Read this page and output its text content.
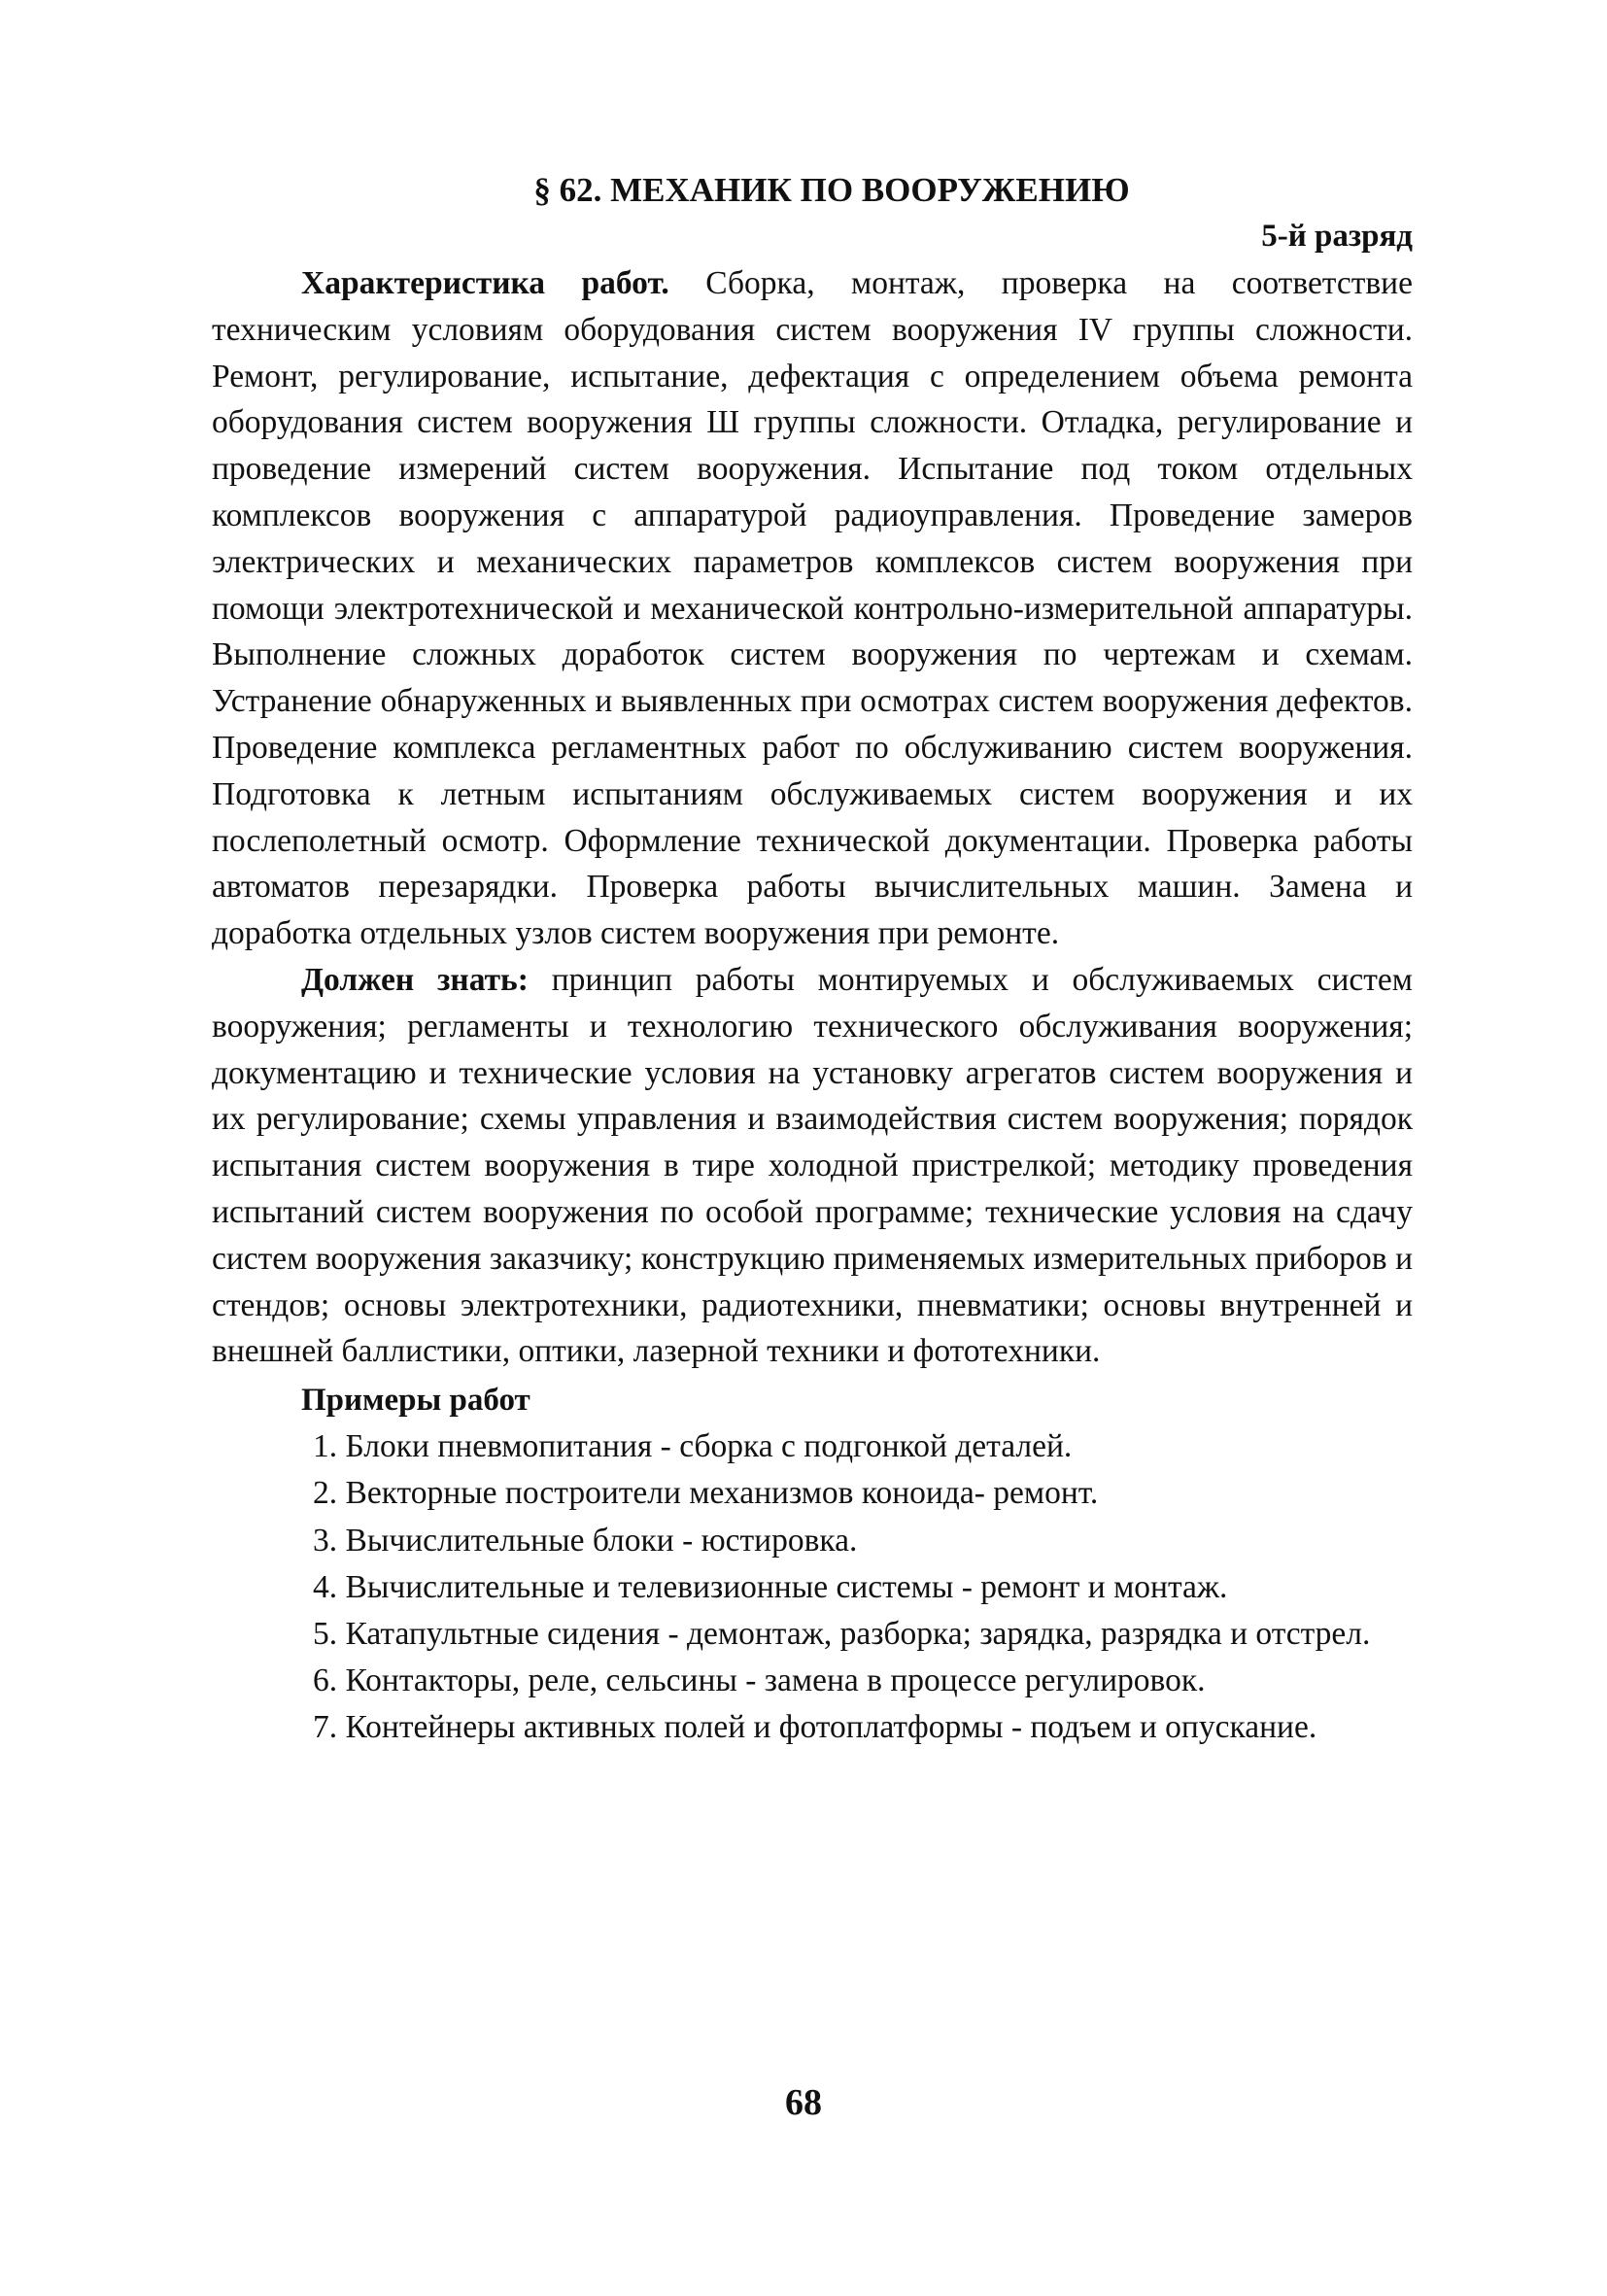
§ 62. МЕХАНИК ПО ВООРУЖЕНИЮ
5-й разряд

Характеристика работ. Сборка, монтаж, проверка на соответствие техническим условиям оборудования систем вооружения IV группы сложности. Ремонт, регулирование, испытание, дефектация с определением объема ремонта оборудования систем вооружения Ш группы сложности. Отладка, регулирование и проведение измерений систем вооружения. Испытание под током отдельных комплексов вооружения с аппаратурой радиоуправления. Проведение замеров электрических и механических параметров комплексов систем вооружения при помощи электротехнической и механической контрольно-измерительной аппаратуры. Выполнение сложных доработок систем вооружения по чертежам и схемам. Устранение обнаруженных и выявленных при осмотрах систем вооружения дефектов. Проведение комплекса регламентных работ по обслуживанию систем вооружения. Подготовка к летным испытаниям обслуживаемых систем вооружения и их послеполетный осмотр. Оформление технической документации. Проверка работы автоматов перезарядки. Проверка работы вычислительных машин. Замена и доработка отдельных узлов систем вооружения при ремонте.

Должен знать: принцип работы монтируемых и обслуживаемых систем вооружения; регламенты и технологию технического обслуживания вооружения; документацию и технические условия на установку агрегатов систем вооружения и их регулирование; схемы управления и взаимодействия систем вооружения; порядок испытания систем вооружения в тире холодной пристрелкой; методику проведения испытаний систем вооружения по особой программе; технические условия на сдачу систем вооружения заказчику; конструкцию применяемых измерительных приборов и стендов; основы электротехники, радиотехники, пневматики; основы внутренней и внешней баллистики, оптики, лазерной техники и фототехники.

Примеры работ
1. Блоки пневмопитания - сборка с подгонкой деталей.
2. Векторные построители механизмов коноида- ремонт.
3. Вычислительные блоки - юстировка.
4. Вычислительные и телевизионные системы - ремонт и монтаж.
5. Катапультные сидения - демонтаж, разборка; зарядка, разрядка и отстрел.
6. Контакторы, реле, сельсины - замена в процессе регулировок.
7. Контейнеры активных полей и фотоплатформы - подъем и опускание.
68
